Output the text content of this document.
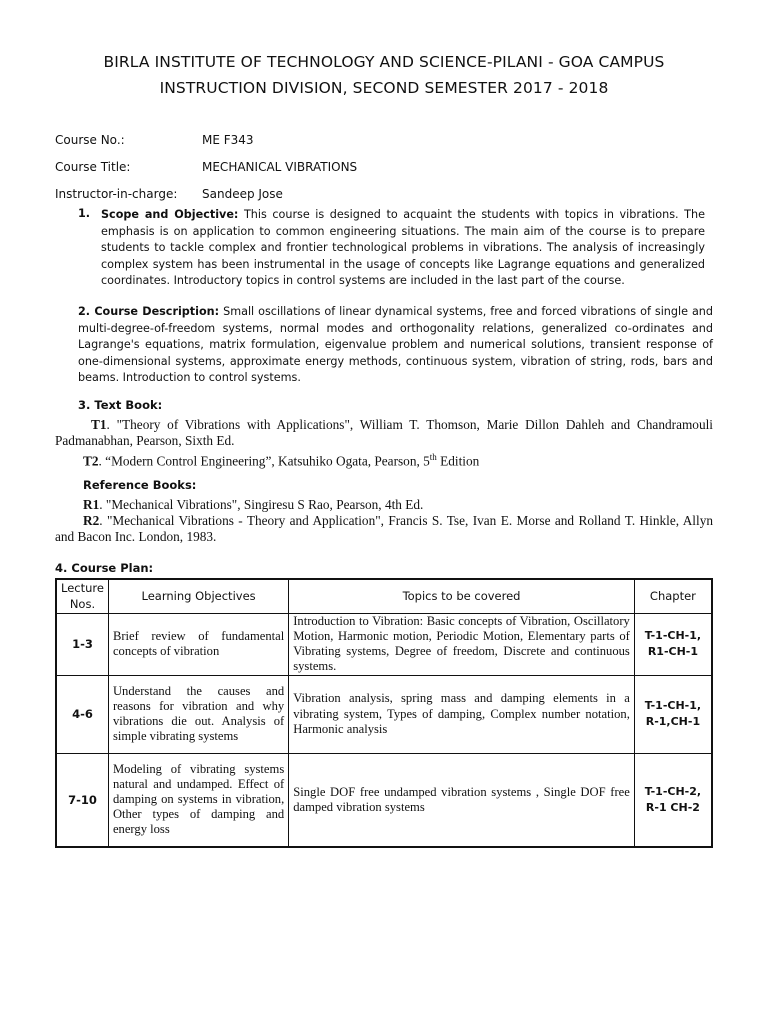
BIRLA INSTITUTE OF TECHNOLOGY AND SCIENCE-PILANI - GOA CAMPUS
INSTRUCTION DIVISION, SECOND SEMESTER 2017 - 2018
Course No.:	ME F343
Course Title:	MECHANICAL VIBRATIONS
Instructor-in-charge: Sandeep Jose
1. Scope and Objective: This course is designed to acquaint the students with topics in vibrations. The emphasis is on application to common engineering situations. The main aim of the course is to prepare students to tackle complex and frontier technological problems in vibrations. The analysis of increasingly complex system has been instrumental in the usage of concepts like Lagrange equations and generalized coordinates. Introductory topics in control systems are included in the last part of the course.
2. Course Description: Small oscillations of linear dynamical systems, free and forced vibrations of single and multi-degree-of-freedom systems, normal modes and orthogonality relations, generalized co-ordinates and Lagrange's equations, matrix formulation, eigenvalue problem and numerical solutions, transient response of one-dimensional systems, approximate energy methods, continuous system, vibration of string, rods, bars and beams. Introduction to control systems.
3. Text Book:
T1. "Theory of Vibrations with Applications", William T. Thomson, Marie Dillon Dahleh and Chandramouli Padmanabhan, Pearson, Sixth Ed.
T2. “Modern Control Engineering”, Katsuhiko Ogata, Pearson, 5th Edition
Reference Books:
R1. "Mechanical Vibrations", Singiresu S Rao, Pearson, 4th Ed.
R2. "Mechanical Vibrations - Theory and Application", Francis S. Tse, Ivan E. Morse and Rolland T. Hinkle, Allyn and Bacon Inc. London, 1983.
4. Course Plan:
Lecture Nos.	Learning Objectives	Topics to be covered	Chapter
1-3	Brief review of fundamental concepts of vibration	Introduction to Vibration: Basic concepts of Vibration, Oscillatory Motion, Harmonic motion, Periodic Motion, Elementary parts of Vibrating systems, Degree of freedom, Discrete and continuous systems.	T-1-CH-1,
R1-CH-1

4-6	Understand the causes and reasons for vibration and why vibrations die out. Analysis of simple vibrating systems	Vibration analysis, spring mass and damping elements in a vibrating system, Types of damping, Complex number notation, Harmonic analysis	T-1-CH-1,
R-1,CH-1

7-10	Modeling of vibrating systems natural and undamped. Effect of damping on systems in vibration, Other types of damping and energy loss	Single DOF free undamped vibration systems , Single DOF free damped vibration systems	T-1-CH-2,
R-1 CH-2
